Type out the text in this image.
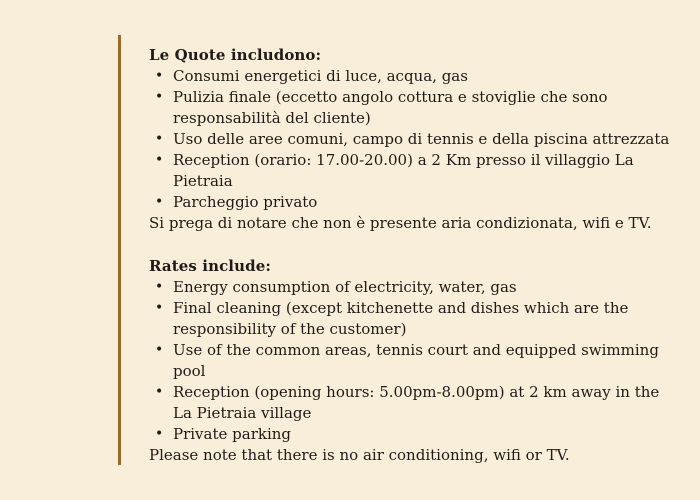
Le Quote includono:

• Consumi energetici di luce, acqua, gas
• Pulizia finale (eccetto angolo cottura e stoviglie che sono
responsabilità del cliente)
• Uso delle aree comuni, campo di tennis e della piscina attrezzata
• Reception (orario: 17.00-20.00) a 2 Km presso il villaggio La
Pietraia
• Parcheggio privato

Si prega di notare che non è presente aria condizionata, wifi e TV.

Rates include:

• Energy consumption of electricity, water, gas
• Final cleaning (except kitchenette and dishes which are the
responsibility of the customer)
• Use of the common areas, tennis court and equipped swimming
pool
• Reception (opening hours: 5.00pm-8.00pm) at 2 km away in the
La Pietraia village
• Private parking

Please note that there is no air conditioning, wifi or TV.
